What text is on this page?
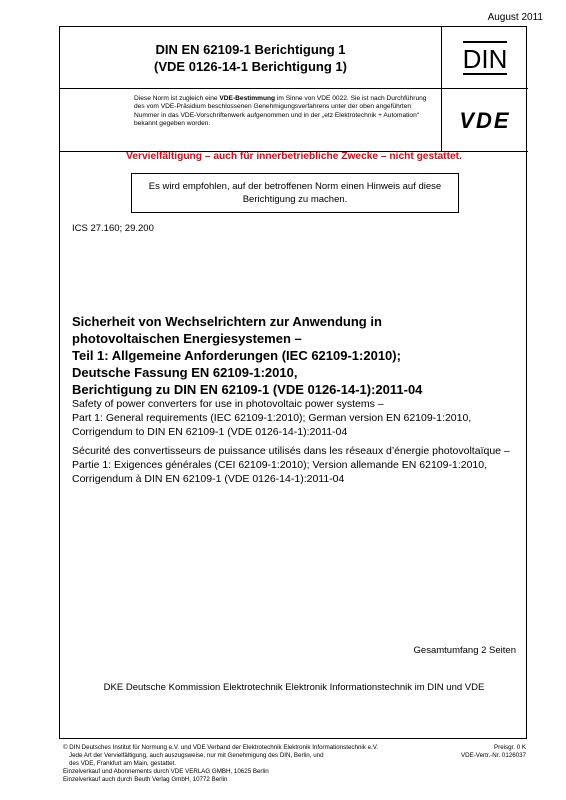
August 2011
DIN EN 62109-1 Berichtigung 1
(VDE 0126-14-1 Berichtigung 1)	DIN
Diese Norm ist zugleich eine VDE-Bestimmung im Sinne von VDE 0022. Sie ist nach Durchführung des vom VDE-Präsidium beschlossenen Genehmigungsverfahrens unter der oben angeführten Nummer in das VDE-Vorschriftenwerk aufgenommen und in der „etz Elektrotechnik + Automation“ bekannt gegeben worden.	VDE
Vervielfältigung – auch für innerbetriebliche Zwecke – nicht gestattet.
Es wird empfohlen, auf der betroffenen Norm einen Hinweis auf diese
Berichtigung zu machen.
ICS 27.160; 29.200
Sicherheit von Wechselrichtern zur Anwendung in
photovoltaischen Energiesystemen –
Teil 1: Allgemeine Anforderungen (IEC 62109-1:2010);
Deutsche Fassung EN 62109-1:2010,
Berichtigung zu DIN EN 62109-1 (VDE 0126-14-1):2011-04
Safety of power converters for use in photovoltaic power systems –
Part 1: General requirements (IEC 62109-1:2010); German version EN 62109-1:2010,
Corrigendum to DIN EN 62109-1 (VDE 0126-14-1):2011-04
Sécurité des convertisseurs de puissance utilisés dans les réseaux d’énergie photovoltaïque –
Partie 1: Exigences générales (CEI 62109-1:2010); Version allemande EN 62109-1:2010,
Corrigendum à DIN EN 62109-1 (VDE 0126-14-1):2011-04
Gesamtumfang 2 Seiten
DKE Deutsche Kommission Elektrotechnik Elektronik Informationstechnik im DIN und VDE
© DIN Deutsches Institut für Normung e.V. und VDE Verband der Elektrotechnik Elektronik Informationstechnik e.V.
Jede Art der Vervielfältigung, auch auszugsweise, nur mit Genehmigung des DIN, Berlin, und
des VDE, Frankfurt am Main, gestattet.
Einzelverkauf und Abonnements durch VDE VERLAG GMBH, 10625 Berlin
Einzelverkauf auch durch Beuth Verlag GmbH, 10772 Berlin
Preisgr. 0 K
VDE-Vertr.-Nr. 0126037
